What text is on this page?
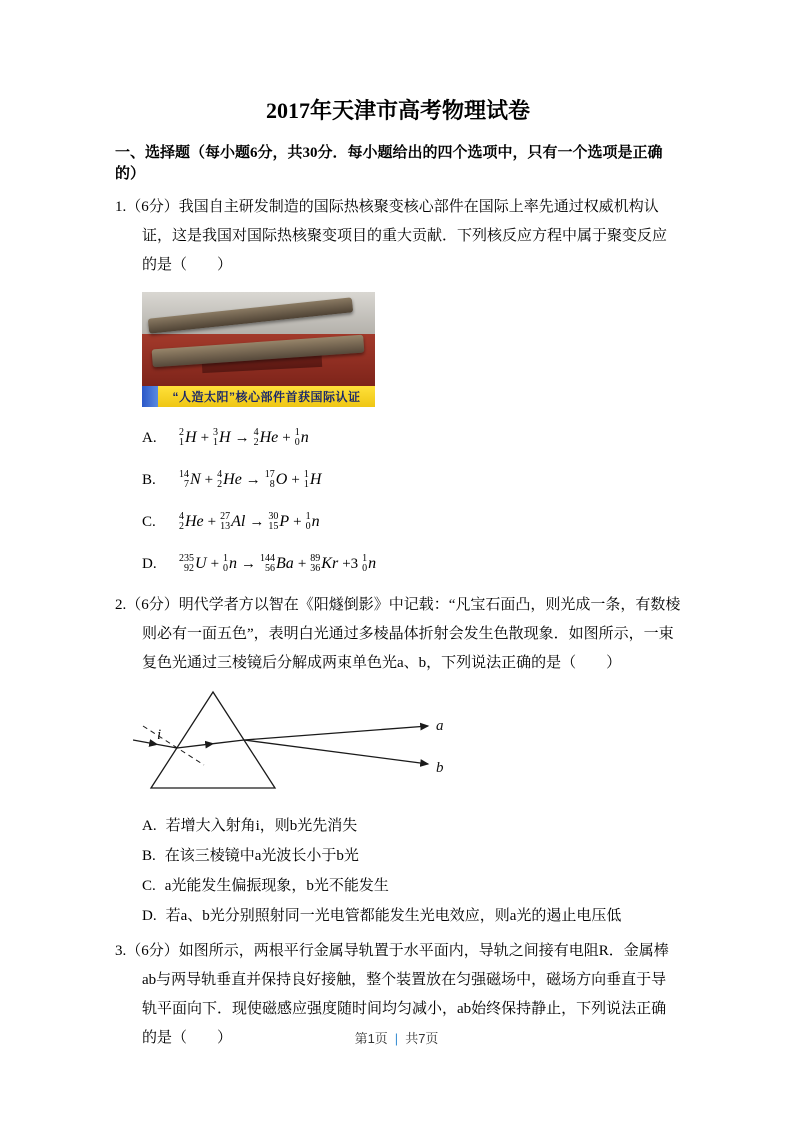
2017年天津市高考物理试卷
一、选择题（每小题6分，共30分．每小题给出的四个选项中，只有一个选项是正确的）

1.（6分）我国自主研发制造的国际热核聚变核心部件在国际上率先通过权威机构认证，这是我国对国际热核聚变项目的重大贡献．下列核反应方程中属于聚变反应的是（　　）

“人造太阳”核心部件首获国际认证
A.	2
1 H + 3
1 H → 4
2 He + 1
0 n
B.	14
7 N + 4
2 He → 17
8 O + 1
1 H
C.	4
2 He + 27
13 Al → 30
15 P + 1
0 n
D.	235
92 U + 1
0 n → 144
56 Ba + 89
36 Kr +3 1
0 n

2.（6分）明代学者方以智在《阳燧倒影》中记载：“凡宝石面凸，则光成一条，有数棱则必有一面五色”，表明白光通过多棱晶体折射会发生色散现象．如图所示，一束复色光通过三棱镜后分解成两束单色光a、b，下列说法正确的是（　　）

i
a
b
A. 若增大入射角i，则b光先消失
B. 在该三棱镜中a光波长小于b光
C. a光能发生偏振现象，b光不能发生
D. 若a、b光分别照射同一光电管都能发生光电效应，则a光的遏止电压低

3.（6分）如图所示，两根平行金属导轨置于水平面内，导轨之间接有电阻R．金属棒ab与两导轨垂直并保持良好接触，整个装置放在匀强磁场中，磁场方向垂直于导轨平面向下．现使磁感应强度随时间均匀减小，ab始终保持静止，下列说法正确的是（　　）	第1页 | 共7页
